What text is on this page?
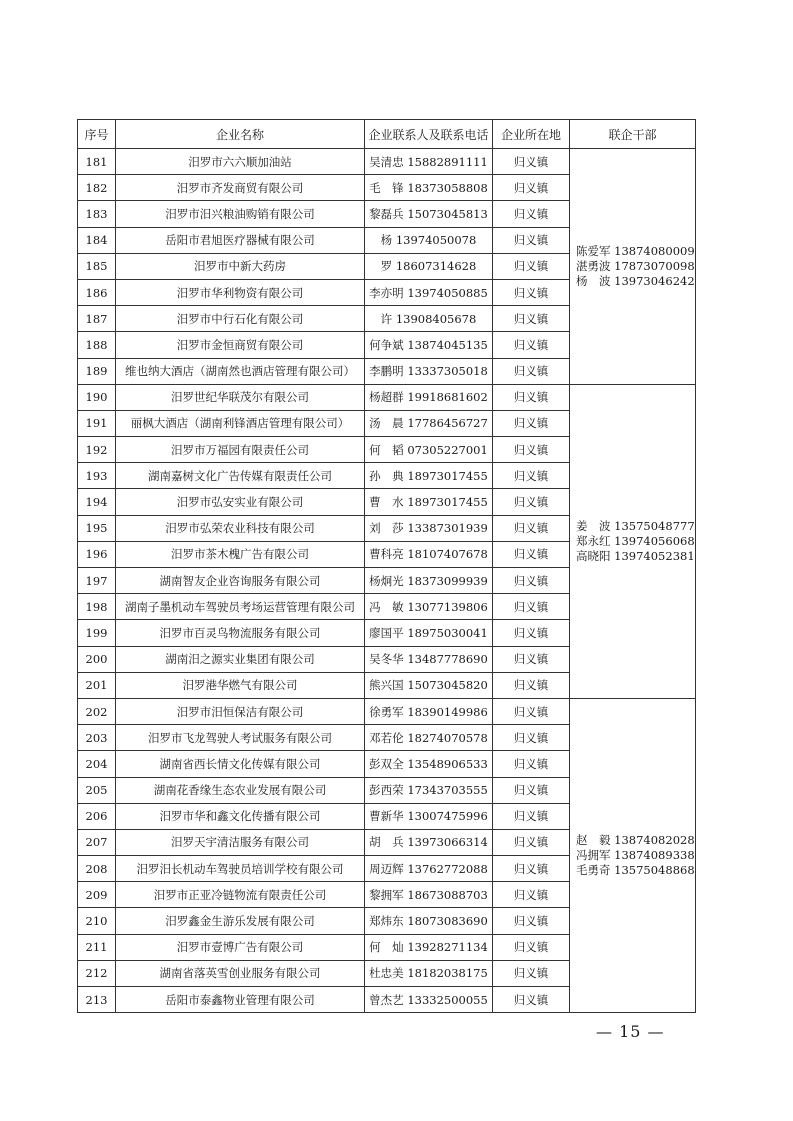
序号	企业名称	企业联系人及联系电话	企业所在地	联企干部
181	汨罗市六六顺加油站	吴清忠 15882891111	归义镇	陈爱军 13874080009
湛勇波 17873070098
杨　波 13973046242

182	汨罗市齐发商贸有限公司	毛　锋 18373058808	归义镇	
183	汨罗市汨兴粮油购销有限公司	黎磊兵 15073045813	归义镇	
184	岳阳市君旭医疗器械有限公司	杨 13974050078	归义镇	
185	汨罗市中新大药房	罗 18607314628	归义镇	
186	汨罗市华利物资有限公司	李亦明 13974050885	归义镇	
187	汨罗市中行石化有限公司	许 13908405678	归义镇	
188	汨罗市金恒商贸有限公司	何争斌 13874045135	归义镇	
189	维也纳大酒店（湖南然也酒店管理有限公司）	李鹏明 13337305018	归义镇	
190	汨罗世纪华联茂尔有限公司	杨超群 19918681602	归义镇	姜　波 13575048777
郑永红 13974056068
高晓阳 13974052381

191	丽枫大酒店（湖南利锋酒店管理有限公司）	汤　晨 17786456727	归义镇	
192	汨罗市万福园有限责任公司	何　韬 07305227001	归义镇	
193	湖南嘉树文化广告传媒有限责任公司	孙　典 18973017455	归义镇	
194	汨罗市弘安实业有限公司	曹　水 18973017455	归义镇	
195	汨罗市弘荣农业科技有限公司	刘　莎 13387301939	归义镇	
196	汨罗市茶木槐广告有限公司	曹科亮 18107407678	归义镇	
197	湖南智友企业咨询服务有限公司	杨炯光 18373099939	归义镇	
198	湖南子墨机动车驾驶员考场运营管理有限公司	冯　敏 13077139806	归义镇	
199	汨罗市百灵鸟物流服务有限公司	廖国平 18975030041	归义镇	
200	湖南汨之源实业集团有限公司	吴冬华 13487778690	归义镇	
201	汨罗港华燃气有限公司	熊兴国 15073045820	归义镇	
202	汨罗市汨恒保洁有限公司	徐勇军 18390149986	归义镇	赵　毅 13874082028
冯拥军 13874089338
毛勇奇 13575048868

203	汨罗市飞龙驾驶人考试服务有限公司	邓若伦 18274070578	归义镇	
204	湖南省西长情文化传媒有限公司	彭双全 13548906533	归义镇	
205	湖南花香缘生态农业发展有限公司	彭西荣 17343703555	归义镇	
206	汨罗市华和鑫文化传播有限公司	曹新华 13007475996	归义镇	
207	汨罗天宇清洁服务有限公司	胡　兵 13973066314	归义镇	
208	汨罗汨长机动车驾驶员培训学校有限公司	周迈辉 13762772088	归义镇	
209	汨罗市正亚冷链物流有限责任公司	黎拥军 18673088703	归义镇	
210	汨罗鑫金生游乐发展有限公司	郑炜东 18073083690	归义镇	
211	汨罗市壹博广告有限公司	何　灿 13928271134	归义镇	
212	湖南省落英雪创业服务有限公司	杜忠美 18182038175	归义镇	
213	岳阳市泰鑫物业管理有限公司	曾杰艺 13332500055	归义镇	
— 15 —
